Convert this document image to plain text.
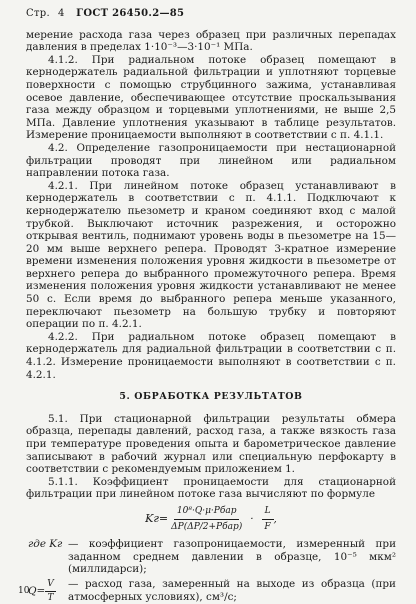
Стр. 4 ГОСТ 26450.2—85

мерение расхода газа через образец при различных перепадах давления в пределах 1·10⁻³—3·10⁻¹ МПа.

4.1.2. При радиальном потоке образец помещают в кернодержатель радиальной фильтрации и уплотняют торцевые поверхности с помощью струбцинного зажима, устанавливая осевое давление, обеспечивающее отсутствие проскальзывания газа между образцом и торцевыми уплотнениями, не выше 2,5 МПа. Давление уплотнения указывают в таблице результатов. Измерение проницаемости выполняют в соответствии с п. 4.1.1.

4.2. Определение газопроницаемости при нестационарной фильтрации проводят при линейном или радиальном направлении потока газа.

4.2.1. При линейном потоке образец устанавливают в кернодержатель в соответствии с п. 4.1.1. Подключают к кернодержателю пьезометр и краном соединяют вход с малой трубкой. Выключают источник разрежения, и осторожно открывая вентиль, поднимают уровень воды в пьезометре на 15—20 мм выше верхнего репера. Проводят 3-кратное измерение времени изменения положения уровня жидкости в пьезометре от верхнего репера до выбранного промежуточного репера. Время изменения положения уровня жидкости устанавливают не менее 50 с. Если время до выбранного репера меньше указанного, переключают пьезометр на большую трубку и повторяют операции по п. 4.2.1.

4.2.2. При радиальном потоке образец помещают в кернодержатель для радиальной фильтрации в соответствии с п. 4.1.2. Измерение проницаемости выполняют в соответствии с п. 4.2.1.

5. ОБРАБОТКА РЕЗУЛЬТАТОВ

5.1. При стационарной фильтрации результаты обмера образца, перепады давлений, расход газа, а также вязкость газа при температуре проведения опыта и барометрическое давление записывают в рабочий журнал или специальную перфокарту в соответствии с рекомендуемым приложением 1.

5.1.1. Коэффициент проницаемости для стационарной фильтрации при линейном потоке газа вычисляют по формуле

$Kг= \frac{\text{10⁸·Q·μ·Pбар}}{\text{ΔP(ΔP/2+Pбар)}} \cdot \frac{L}{F}$ ,
где Kг — коэффициент газопроницаемости, измеренный при заданном среднем давлении в образце, 10⁻⁵ мкм² (миллидарси);
$Q= \frac{V}{T}$ — расход газа, замеренный на выходе из образца (при атмосферных условиях), см³/с;
10
